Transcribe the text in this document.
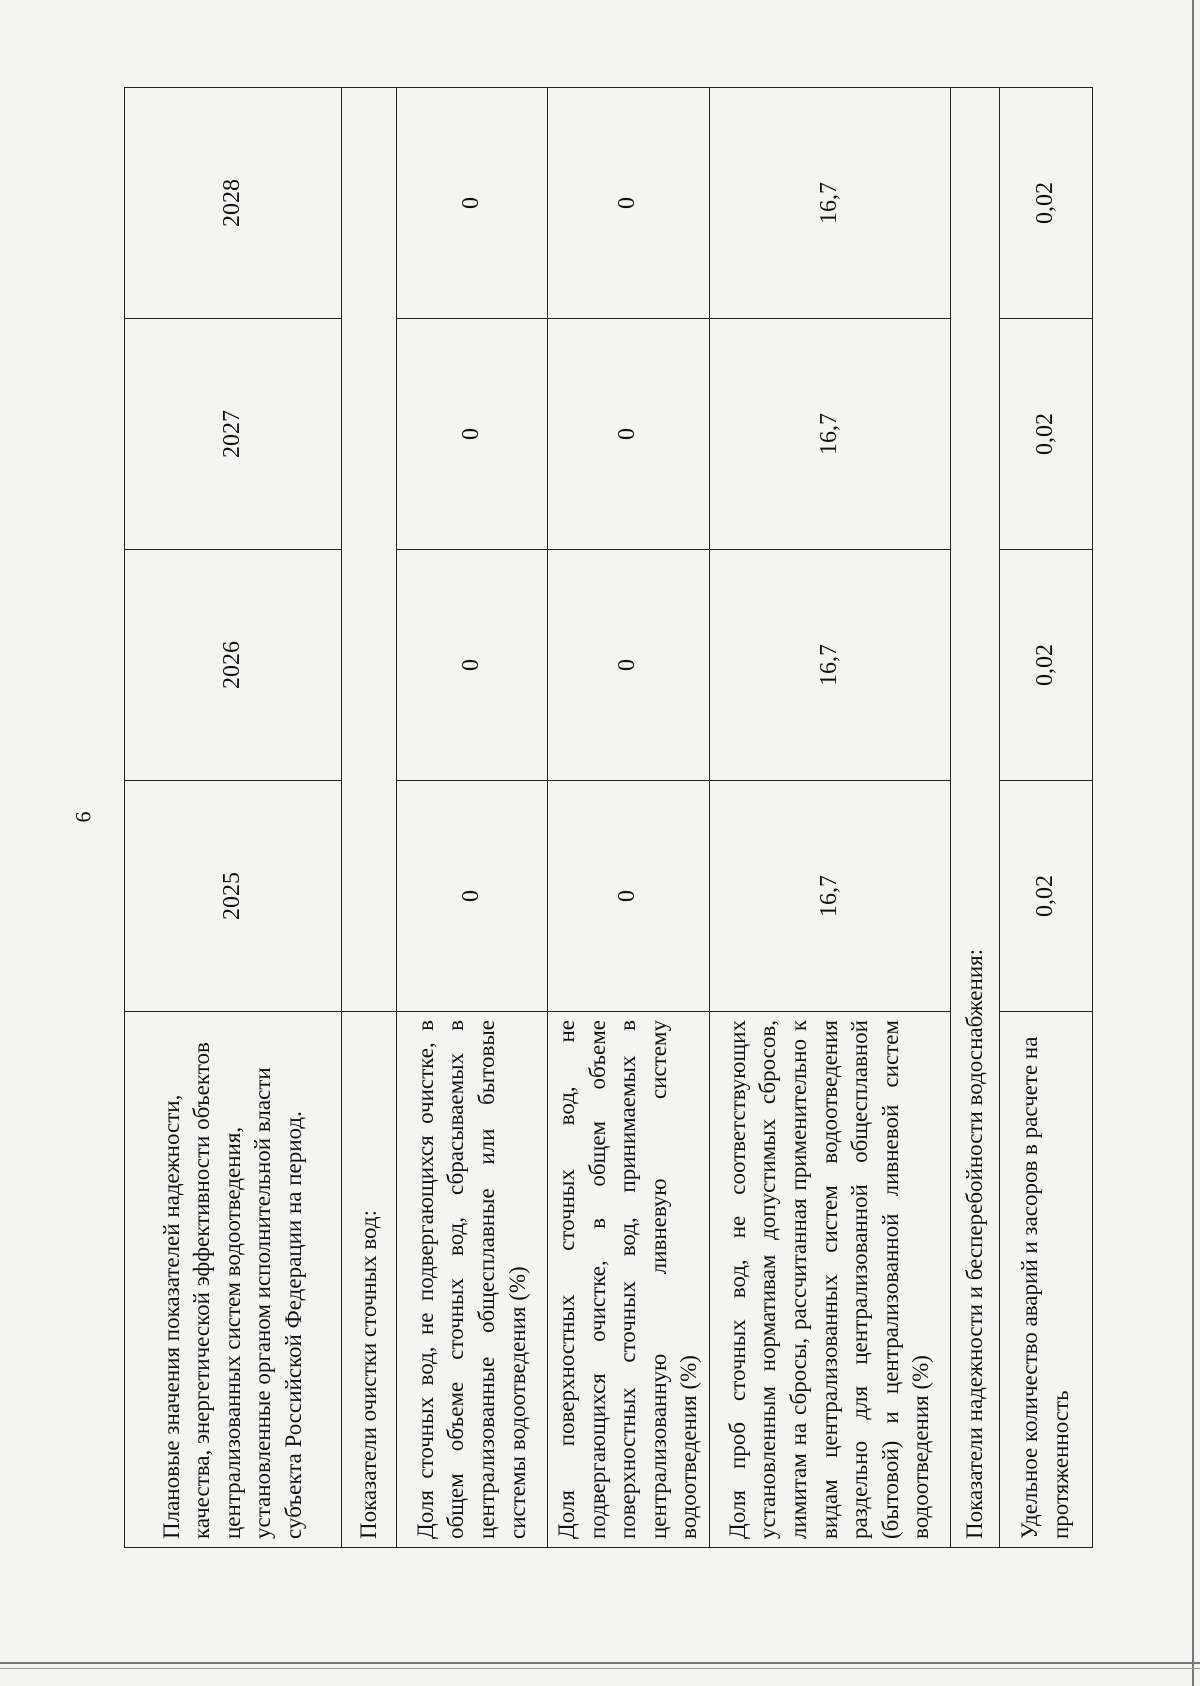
6
Плановые значения показателей надежности, качества, энергетической эффективности объектов централизованных систем водоотведения, установленные органом исполнительной власти субъекта Российской Федерации на период.	2025	2026	2027	2028
Показатели очистки сточных вод:				
Доля сточных вод, не подвергающихся очистке, в общем объеме сточных вод, сбрасываемых в централизованные общесплавные или бытовые системы водоотведения (%)	0	0	0	0
Доля поверхностных сточных вод, не подвергающихся очистке, в общем объеме поверхностных сточных вод, принимаемых в централизованную ливневую систему водоотведения (%)	0	0	0	0
Доля проб сточных вод, не соответствующих установленным нормативам допустимых сбросов, лимитам на сбросы, рассчитанная применительно к видам централизованных систем водоотведения раздельно для централизованной общесплавной (бытовой) и централизованной ливневой систем водоотведения (%)	16,7	16,7	16,7	16,7
Показатели надежности и бесперебойности водоснабжения:				
Удельное количество аварий и засоров в расчете на протяженность	0,02	0,02	0,02	0,02
